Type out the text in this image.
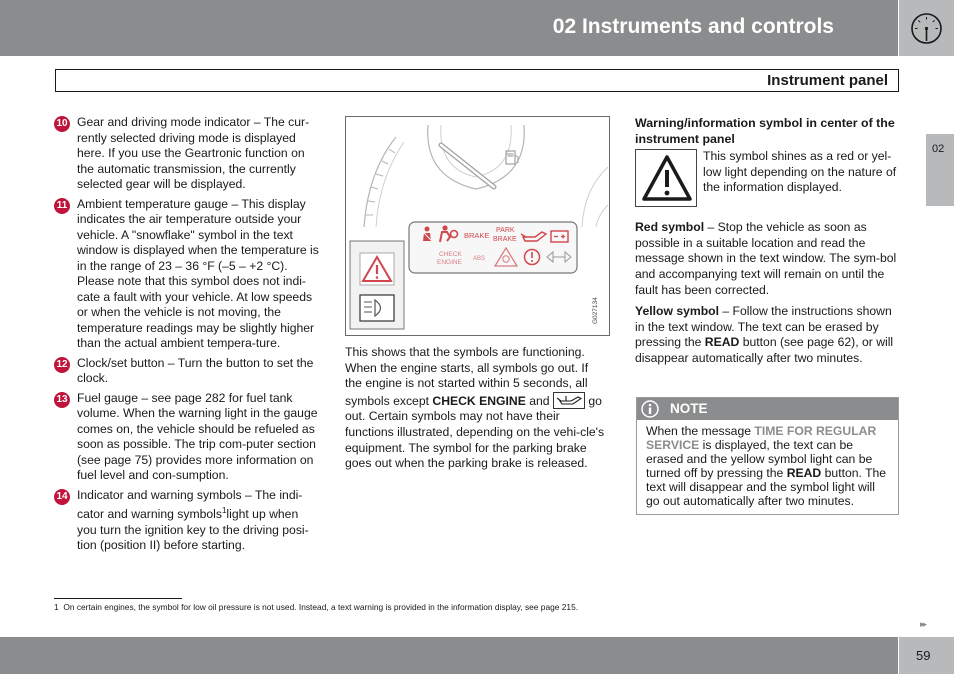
02 Instruments and controls
Instrument panel
02
10 Gear and driving mode indicator – The cur-rently selected driving mode is displayed here. If you use the Geartronic function on the automatic transmission, the currently selected gear will be displayed.
11 Ambient temperature gauge – This display indicates the air temperature outside your vehicle. A "snowflake" symbol in the text window is displayed when the temperature is in the range of 23 – 36 °F (–5 – +2 °C). Please note that this symbol does not indi-cate a fault with your vehicle. At low speeds or when the vehicle is not moving, the temperature readings may be slightly higher than the actual ambient tempera-ture.
12 Clock/set button – Turn the button to set the clock.
13 Fuel gauge – see page 282 for fuel tank volume. When the warning light in the gauge comes on, the vehicle should be refueled as soon as possible. The trip com-puter section (see page 75) provides more information on fuel level and con-sumption.
14 Indicator and warning symbols – The indi-cator and warning symbols$^1$light up when you turn the ignition key to the driving posi-tion (position II) before starting.
BRAKE
PARK
BRAKE
CHECK
ENGINE ABS
G027134
This shows that the symbols are functioning. When the engine starts, all symbols go out. If the engine is not started within 5 seconds, all symbols except CHECK ENGINE and	go out. Certain symbols may not have their functions illustrated, depending on the vehi-cle's equipment. The symbol for the parking brake goes out when the parking brake is released.
Warning/information symbol in center of the instrument panel
This symbol shines as a red or yel-low light depending on the nature of the information displayed.

Red symbol – Stop the vehicle as soon as possible in a suitable location and read the message shown in the text window. The sym-bol and accompanying text will remain on until the fault has been corrected.

Yellow symbol – Follow the instructions shown in the text window. The text can be erased by pressing the READ button (see page 62), or will disappear automatically after two minutes.

NOTE
When the message TIME FOR REGULAR SERVICE is displayed, the text can be erased and the yellow symbol light can be turned off by pressing the READ button. The text will disappear and the symbol light will go out automatically after two minutes.
1 On certain engines, the symbol for low oil pressure is not used. Instead, a text warning is provided in the information display, see page 215.
▸▸
59
